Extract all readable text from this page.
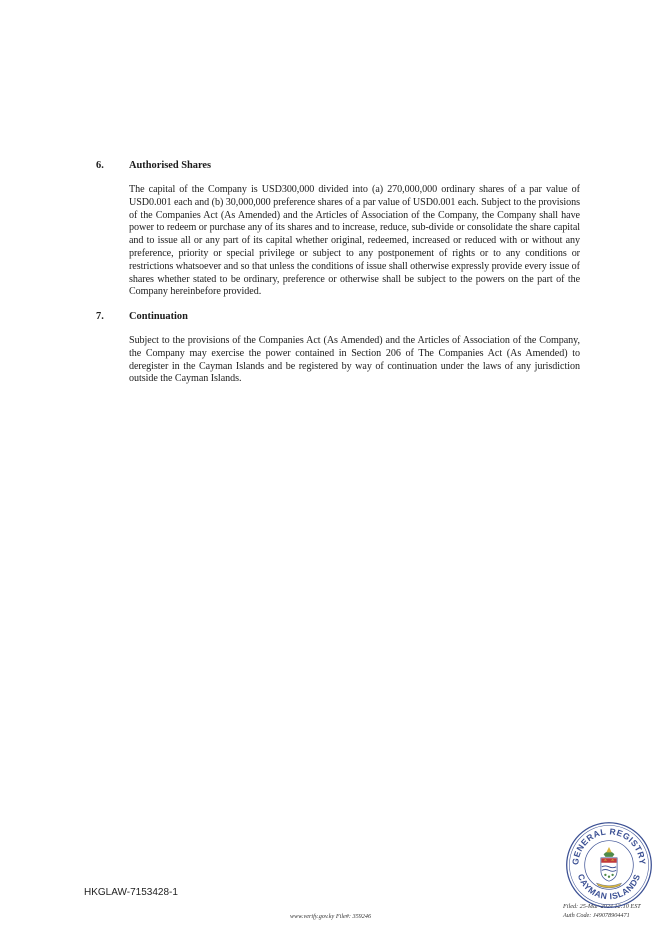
6. Authorised Shares

The capital of the Company is USD300,000 divided into (a) 270,000,000 ordinary shares of a par value of USD0.001 each and (b) 30,000,000 preference shares of a par value of USD0.001 each. Subject to the provisions of the Companies Act (As Amended) and the Articles of Association of the Company, the Company shall have power to redeem or purchase any of its shares and to increase, reduce, sub-divide or consolidate the share capital and to issue all or any part of its capital whether original, redeemed, increased or reduced with or without any preference, priority or special privilege or subject to any postponement of rights or to any conditions or restrictions whatsoever and so that unless the conditions of issue shall otherwise expressly provide every issue of shares whether stated to be ordinary, preference or otherwise shall be subject to the powers on the part of the Company hereinbefore provided.

7. Continuation

Subject to the provisions of the Companies Act (As Amended) and the Articles of Association of the Company, the Company may exercise the power contained in Section 206 of The Companies Act (As Amended) to deregister in the Cayman Islands and be registered by way of continuation under the laws of any jurisdiction outside the Cayman Islands.

HKGLAW-7153428-1
www.verify.gov.ky File#: 359246
Filed: 25-Mar-2024 12:10 EST
Auth Code: J49078904471
GENERAL REGISTRY
CAYMAN ISLANDS
